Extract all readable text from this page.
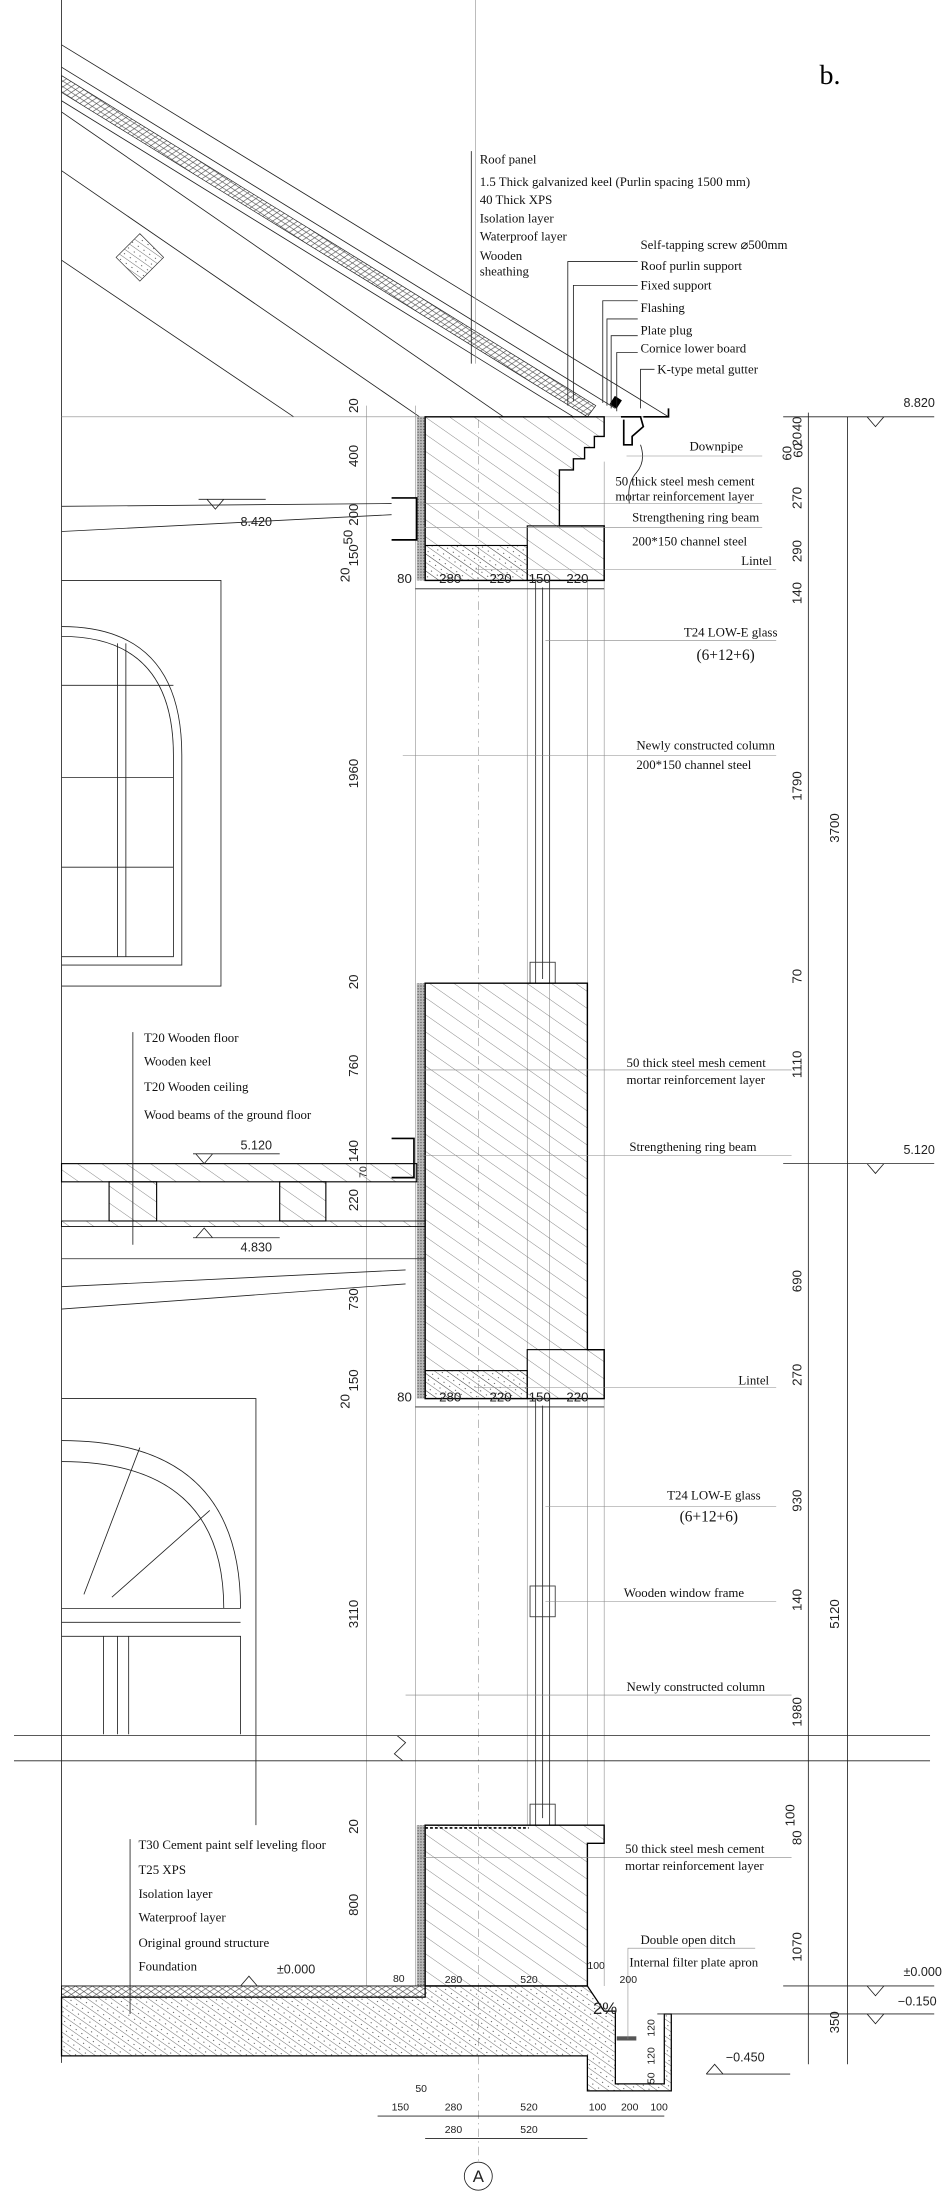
b.
Roof panel
1.5 Thick galvanized keel (Purlin spacing 1500 mm)
40 Thick XPS
Isolation layer
Waterproof layer
Wooden
sheathing
Self-tapping screw ⌀500mm
Roof purlin support
Fixed support
Flashing
Plate plug
Cornice lower board
K-type metal gutter
T20 Wooden floor
Wooden keel
T20 Wooden ceiling
Wood beams of the ground floor
T30 Cement paint self leveling floor
T25 XPS
Isolation layer
Waterproof layer
Original ground structure
Foundation
Downpipe
50 thick steel mesh cement
mortar reinforcement layer
Strengthening ring beam
200*150 channel steel
Lintel
T24 LOW-E glass
(6+12+6)
Newly constructed column
200*150 channel steel
50 thick steel mesh cement
mortar reinforcement layer
Strengthening ring beam
Lintel
T24 LOW-E glass
(6+12+6)
Wooden window frame
Newly constructed column
50 thick steel mesh cement
mortar reinforcement layer
Double open ditch
Internal filter plate apron
2%
8.820
5.120
±0.000
−0.150
8.420
5.120
4.830
±0.000
−0.450
20
400
200
50
150
20
1960
20
760
140
70
220
730
150
20
3110
20
800
40
20
60
60
270
290
140
1790
70
1110
690
270
930
140
1980
100
80
1070
350
3700
5120
80	280	220 150 220
80	280	220 150 220
80	280	520
100
200
120
120
50
50
150	280	520	100 200 100
280	520
A
